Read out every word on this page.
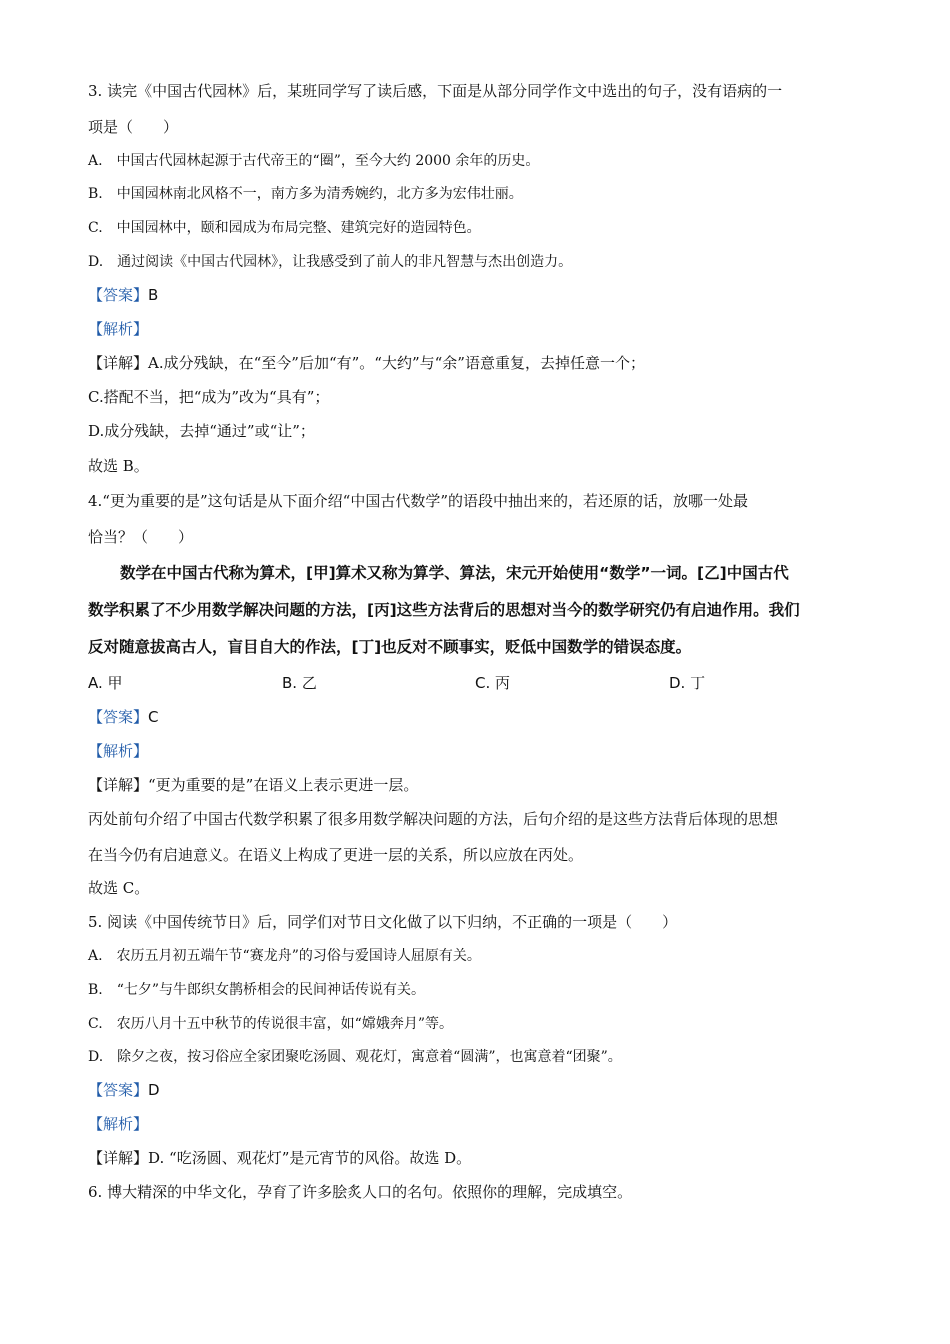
3. 读完《中国古代园林》后，某班同学写了读后感，下面是从部分同学作文中选出的句子，没有语病的一
项是（　　）
A.　中国古代园林起源于古代帝王的“圈”，至今大约 2000 余年的历史。
B.　中国园林南北风格不一，南方多为清秀婉约，北方多为宏伟壮丽。
C.　中国园林中，颐和园成为布局完整、建筑完好的造园特色。
D.　通过阅读《中国古代园林》，让我感受到了前人的非凡智慧与杰出创造力。
【答案】B
【解析】
【详解】A.成分残缺，在“至今”后加“有”。“大约”与“余”语意重复，去掉任意一个；
C.搭配不当，把“成为”改为“具有”；
D.成分残缺，去掉“通过”或“让”；
故选 B。
4.“更为重要的是”这句话是从下面介绍“中国古代数学”的语段中抽出来的，若还原的话，放哪一处最
恰当？（　　）
数学在中国古代称为算术，[甲]算术又称为算学、算法，宋元开始使用“数学”一词。[乙]中国古代
数学积累了不少用数学解决问题的方法，[丙]这些方法背后的思想对当今的数学研究仍有启迪作用。我们
反对随意拔高古人，盲目自大的作法，[丁]也反对不顾事实，贬低中国数学的错误态度。
A. 甲	B. 乙	C. 丙	D. 丁
【答案】C
【解析】
【详解】“更为重要的是”在语义上表示更进一层。
丙处前句介绍了中国古代数学积累了很多用数学解决问题的方法，后句介绍的是这些方法背后体现的思想
在当今仍有启迪意义。在语义上构成了更进一层的关系，所以应放在丙处。
故选 C。
5. 阅读《中国传统节日》后，同学们对节日文化做了以下归纳，不正确的一项是（　　）
A.　农历五月初五端午节“赛龙舟”的习俗与爱国诗人屈原有关。
B.　“七夕”与牛郎织女鹊桥相会的民间神话传说有关。
C.　农历八月十五中秋节的传说很丰富，如“嫦娥奔月”等。
D.　除夕之夜，按习俗应全家团聚吃汤圆、观花灯，寓意着“圆满”，也寓意着“团聚”。
【答案】D
【解析】
【详解】D. “吃汤圆、观花灯”是元宵节的风俗。故选 D。
6. 博大精深的中华文化，孕育了许多脍炙人口的名句。依照你的理解，完成填空。
